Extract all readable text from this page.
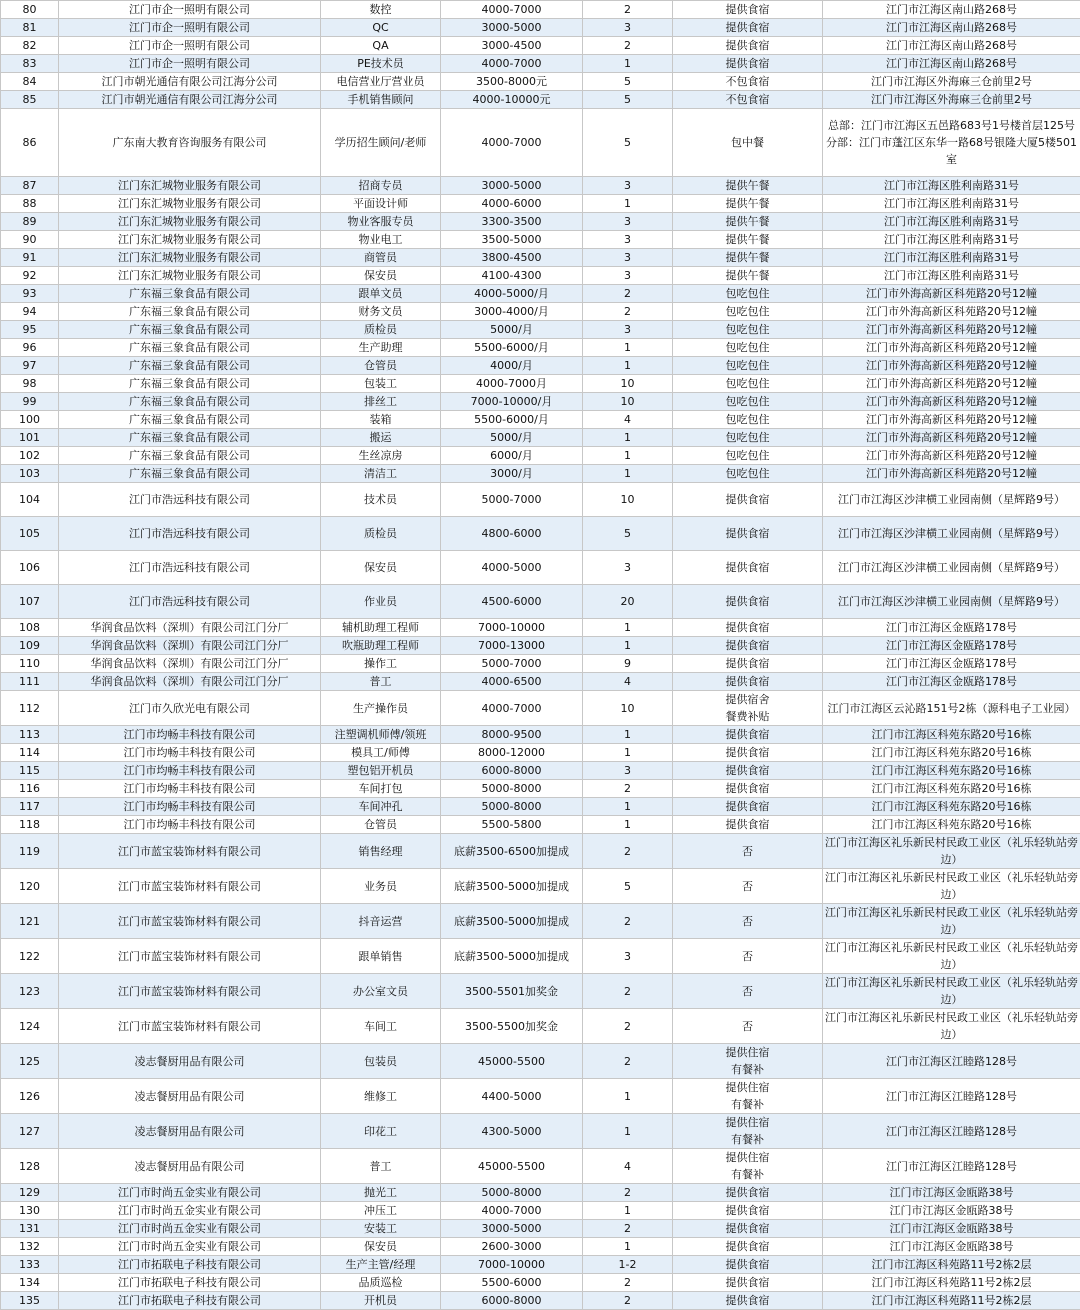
80	江门市企一照明有限公司	数控	4000-7000	2	提供食宿	江门市江海区南山路268号
81	江门市企一照明有限公司	QC	3000-5000	3	提供食宿	江门市江海区南山路268号
82	江门市企一照明有限公司	QA	3000-4500	2	提供食宿	江门市江海区南山路268号
83	江门市企一照明有限公司	PE技术员	4000-7000	1	提供食宿	江门市江海区南山路268号
84	江门市朝光通信有限公司江海分公司	电信营业厅营业员	3500-8000元	5	不包食宿	江门市江海区外海麻三仓前里2号
85	江门市朝光通信有限公司江海分公司	手机销售顾问	4000-10000元	5	不包食宿	江门市江海区外海麻三仓前里2号
86	广东南大教育咨询服务有限公司	学历招生顾问/老师	4000-7000	5	包中餐	总部：江门市江海区五邑路683号1号楼首层125号
分部：江门市蓬江区东华一路68号银隆大厦5楼501室
87	江门东汇城物业服务有限公司	招商专员	3000-5000	3	提供午餐	江门市江海区胜利南路31号
88	江门东汇城物业服务有限公司	平面设计师	4000-6000	1	提供午餐	江门市江海区胜利南路31号
89	江门东汇城物业服务有限公司	物业客服专员	3300-3500	3	提供午餐	江门市江海区胜利南路31号
90	江门东汇城物业服务有限公司	物业电工	3500-5000	3	提供午餐	江门市江海区胜利南路31号
91	江门东汇城物业服务有限公司	商管员	3800-4500	3	提供午餐	江门市江海区胜利南路31号
92	江门东汇城物业服务有限公司	保安员	4100-4300	3	提供午餐	江门市江海区胜利南路31号
93	广东福三象食品有限公司	跟单文员	4000-5000/月	2	包吃包住	江门市外海高新区科苑路20号12幢
94	广东福三象食品有限公司	财务文员	3000-4000/月	2	包吃包住	江门市外海高新区科苑路20号12幢
95	广东福三象食品有限公司	质检员	5000/月	3	包吃包住	江门市外海高新区科苑路20号12幢
96	广东福三象食品有限公司	生产助理	5500-6000/月	1	包吃包住	江门市外海高新区科苑路20号12幢
97	广东福三象食品有限公司	仓管员	4000/月	1	包吃包住	江门市外海高新区科苑路20号12幢
98	广东福三象食品有限公司	包装工	4000-7000月	10	包吃包住	江门市外海高新区科苑路20号12幢
99	广东福三象食品有限公司	排丝工	7000-10000/月	10	包吃包住	江门市外海高新区科苑路20号12幢
100	广东福三象食品有限公司	装箱	5500-6000/月	4	包吃包住	江门市外海高新区科苑路20号12幢
101	广东福三象食品有限公司	搬运	5000/月	1	包吃包住	江门市外海高新区科苑路20号12幢
102	广东福三象食品有限公司	生丝凉房	6000/月	1	包吃包住	江门市外海高新区科苑路20号12幢
103	广东福三象食品有限公司	清洁工	3000/月	1	包吃包住	江门市外海高新区科苑路20号12幢
104	江门市浩远科技有限公司	技术员	5000-7000	10	提供食宿	江门市江海区沙津横工业园南侧（星辉路9号）
105	江门市浩远科技有限公司	质检员	4800-6000	5	提供食宿	江门市江海区沙津横工业园南侧（星辉路9号）
106	江门市浩远科技有限公司	保安员	4000-5000	3	提供食宿	江门市江海区沙津横工业园南侧（星辉路9号）
107	江门市浩远科技有限公司	作业员	4500-6000	20	提供食宿	江门市江海区沙津横工业园南侧（星辉路9号）
108	华润食品饮料（深圳）有限公司江门分厂	辅机助理工程师	7000-10000	1	提供食宿	江门市江海区金瓯路178号
109	华润食品饮料（深圳）有限公司江门分厂	吹瓶助理工程师	7000-13000	1	提供食宿	江门市江海区金瓯路178号
110	华润食品饮料（深圳）有限公司江门分厂	操作工	5000-7000	9	提供食宿	江门市江海区金瓯路178号
111	华润食品饮料（深圳）有限公司江门分厂	普工	4000-6500	4	提供食宿	江门市江海区金瓯路178号
112	江门市久欣光电有限公司	生产操作员	4000-7000	10	提供宿舍
餐费补贴	江门市江海区云沁路151号2栋（源科电子工业园）
113	江门市均畅丰科技有限公司	注塑调机师傅/领班	8000-9500	1	提供食宿	江门市江海区科苑东路20号16栋
114	江门市均畅丰科技有限公司	模具工/师傅	8000-12000	1	提供食宿	江门市江海区科苑东路20号16栋
115	江门市均畅丰科技有限公司	塑包铝开机员	6000-8000	3	提供食宿	江门市江海区科苑东路20号16栋
116	江门市均畅丰科技有限公司	车间打包	5000-8000	2	提供食宿	江门市江海区科苑东路20号16栋
117	江门市均畅丰科技有限公司	车间冲孔	5000-8000	1	提供食宿	江门市江海区科苑东路20号16栋
118	江门市均畅丰科技有限公司	仓管员	5500-5800	1	提供食宿	江门市江海区科苑东路20号16栋
119	江门市蓝宝装饰材料有限公司	销售经理	底薪3500-6500加提成	2	否	江门市江海区礼乐新民村民政工业区（礼乐轻轨站旁边）
120	江门市蓝宝装饰材料有限公司	业务员	底薪3500-5000加提成	5	否	江门市江海区礼乐新民村民政工业区（礼乐轻轨站旁边）
121	江门市蓝宝装饰材料有限公司	抖音运营	底薪3500-5000加提成	2	否	江门市江海区礼乐新民村民政工业区（礼乐轻轨站旁边）
122	江门市蓝宝装饰材料有限公司	跟单销售	底薪3500-5000加提成	3	否	江门市江海区礼乐新民村民政工业区（礼乐轻轨站旁边）
123	江门市蓝宝装饰材料有限公司	办公室文员	3500-5501加奖金	2	否	江门市江海区礼乐新民村民政工业区（礼乐轻轨站旁边）
124	江门市蓝宝装饰材料有限公司	车间工	3500-5500加奖金	2	否	江门市江海区礼乐新民村民政工业区（礼乐轻轨站旁边）
125	凌志餐厨用品有限公司	包装员	45000-5500	2	提供住宿
有餐补	江门市江海区江睦路128号
126	凌志餐厨用品有限公司	维修工	4400-5000	1	提供住宿
有餐补	江门市江海区江睦路128号
127	凌志餐厨用品有限公司	印花工	4300-5000	1	提供住宿
有餐补	江门市江海区江睦路128号
128	凌志餐厨用品有限公司	普工	45000-5500	4	提供住宿
有餐补	江门市江海区江睦路128号
129	江门市时尚五金实业有限公司	抛光工	5000-8000	2	提供食宿	江门市江海区金瓯路38号
130	江门市时尚五金实业有限公司	冲压工	4000-7000	1	提供食宿	江门市江海区金瓯路38号
131	江门市时尚五金实业有限公司	安装工	3000-5000	2	提供食宿	江门市江海区金瓯路38号
132	江门市时尚五金实业有限公司	保安员	2600-3000	1	提供食宿	江门市江海区金瓯路38号
133	江门市拓联电子科技有限公司	生产主管/经理	7000-10000	1-2	提供食宿	江门市江海区科苑路11号2栋2层
134	江门市拓联电子科技有限公司	品质巡检	5500-6000	2	提供食宿	江门市江海区科苑路11号2栋2层
135	江门市拓联电子科技有限公司	开机员	6000-8000	2	提供食宿	江门市江海区科苑路11号2栋2层
